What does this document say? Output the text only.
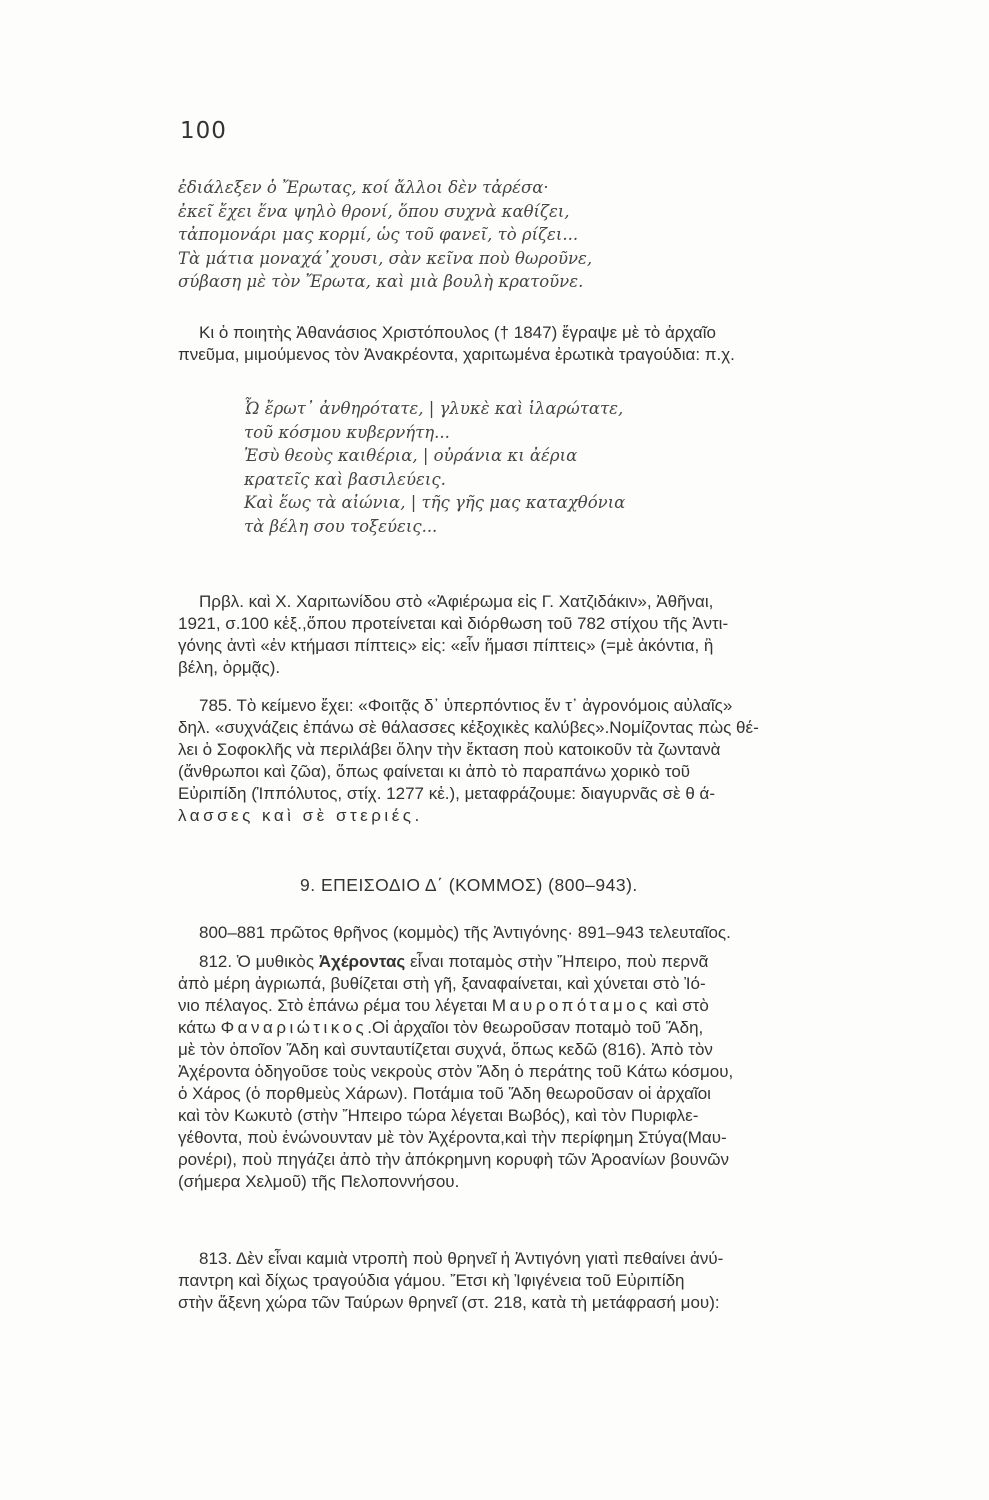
100
ἐδιάλεξεν ὁ Ἔρωτας, κοί ἄλλοι δὲν τἀρέσα·
ἐκεῖ ἔχει ἕνα ψηλὸ θρονί, ὅπου συχνὰ καθίζει,
τἀπομονάρι μας κορμί, ὡς τοῦ φανεῖ, τὸ ρίζει...
Τὰ μάτια μοναχά᾽χουσι, σὰν κεῖνα ποὺ θωροῦνε,
σύβαση μὲ τὸν Ἔρωτα, καὶ μιὰ βουλὴ κρατοῦνε.
Κι ὁ ποιητὴς Ἀθανάσιος Χριστόπουλος († 1847) ἔγραψε μὲ τὸ ἀρχαῖο
πνεῦμα, μιμούμενος τὸν Ἀνακρέοντα, χαριτωμένα ἐρωτικὰ τραγούδια: π.χ.
Ὦ ἔρωτ᾽ ἀνθηρότατε, | γλυκὲ καὶ ἱλαρώτατε,
τοῦ κόσμου κυβερνήτη...
Ἐσὺ θεοὺς καιθέρια, | οὐράνια κι ἀέρια
κρατεῖς καὶ βασιλεύεις.
Καὶ ἕως τὰ αἰώνια, | τῆς γῆς μας καταχθόνια
τὰ βέλη σου τοξεύεις...
Πρβλ. καὶ Χ. Χαριτωνίδου στὸ «Ἀφιέρωμα εἰς Γ. Χατζιδάκιν», Ἀθῆναι,
1921, σ.100 κἑξ.,ὅπου προτείνεται καὶ διόρθωση τοῦ 782 στίχου τῆς Ἀντι-
γόνης ἀντὶ «ἐν κτήμασι πίπτεις» εἰς: «εἶν ἥμασι πίπτεις» (=μὲ ἀκόντια, ἢ
βέλη, ὁρμᾷς).
785. Τὸ κείμενο ἔχει: «Φοιτᾷς δ᾽ ὑπερπόντιος ἔν τ᾽ ἀγρονόμοις αὐλαῖς»
δηλ. «συχνάζεις ἐπάνω σὲ θάλασσες κἐξοχικὲς καλύβες».Νομίζοντας πὼς θέ-
λει ὁ Σοφοκλῆς νὰ περιλάβει ὅλην τὴν ἔκταση ποὺ κατοικοῦν τὰ ζωντανὰ
(ἄνθρωποι καὶ ζῶα), ὅπως φαίνεται κι ἀπὸ τὸ παραπάνω χορικὸ τοῦ
Εὐριπίδη (Ἱππόλυτος, στίχ. 1277 κἑ.), μεταφράζουμε: διαγυρνᾶς σὲ θ ά-
λασσες καὶ σὲ στεριές.
9. ΕΠΕΙΣΟΔΙΟ Δ΄ (ΚΟΜΜΟΣ) (800–943).
800–881 πρῶτος θρῆνος (κομμὸς) τῆς Ἀντιγόνης· 891–943 τελευταῖος.
812. Ὁ μυθικὸς Ἀχέροντας εἶναι ποταμὸς στὴν Ἤπειρο, ποὺ περνᾶ
ἀπὸ μέρη ἀγριωπά, βυθίζεται στὴ γῆ, ξαναφαίνεται, καὶ χύνεται στὸ Ἰό-
νιο πέλαγος. Στὸ ἐπάνω ρέμα του λέγεται Μαυροπόταμος καὶ στὸ
κάτω Φαναριώτικος.Οἱ ἀρχαῖοι τὸν θεωροῦσαν ποταμὸ τοῦ Ἅδη,
μὲ τὸν ὁποῖον Ἅδη καὶ συνταυτίζεται συχνά, ὅπως κεδῶ (816). Ἀπὸ τὸν
Ἀχέροντα ὁδηγοῦσε τοὺς νεκροὺς στὸν Ἅδη ὁ περάτης τοῦ Κάτω κόσμου,
ὁ Χάρος (ὁ πορθμεὺς Χάρων). Ποτάμια τοῦ Ἅδη θεωροῦσαν οἱ ἀρχαῖοι
καὶ τὸν Κωκυτὸ (στὴν Ἤπειρο τώρα λέγεται Βωβός), καὶ τὸν Πυριφλε-
γέθοντα, ποὺ ἑνώνουνταν μὲ τὸν Ἀχέροντα,καὶ τὴν περίφημη Στύγα(Μαυ-
ρονέρι), ποὺ πηγάζει ἀπὸ τὴν ἀπόκρημνη κορυφὴ τῶν Ἀροανίων βουνῶν
(σήμερα Χελμοῦ) τῆς Πελοποννήσου.
813. Δὲν εἶναι καμιὰ ντροπὴ ποὺ θρηνεῖ ἡ Ἀντιγόνη γιατὶ πεθαίνει ἀνύ-
παντρη καὶ δίχως τραγούδια γάμου. Ἔτσι κὴ Ἰφιγένεια τοῦ Εὐριπίδη
στὴν ἄξενη χώρα τῶν Ταύρων θρηνεῖ (στ. 218, κατὰ τὴ μετάφρασή μου):
